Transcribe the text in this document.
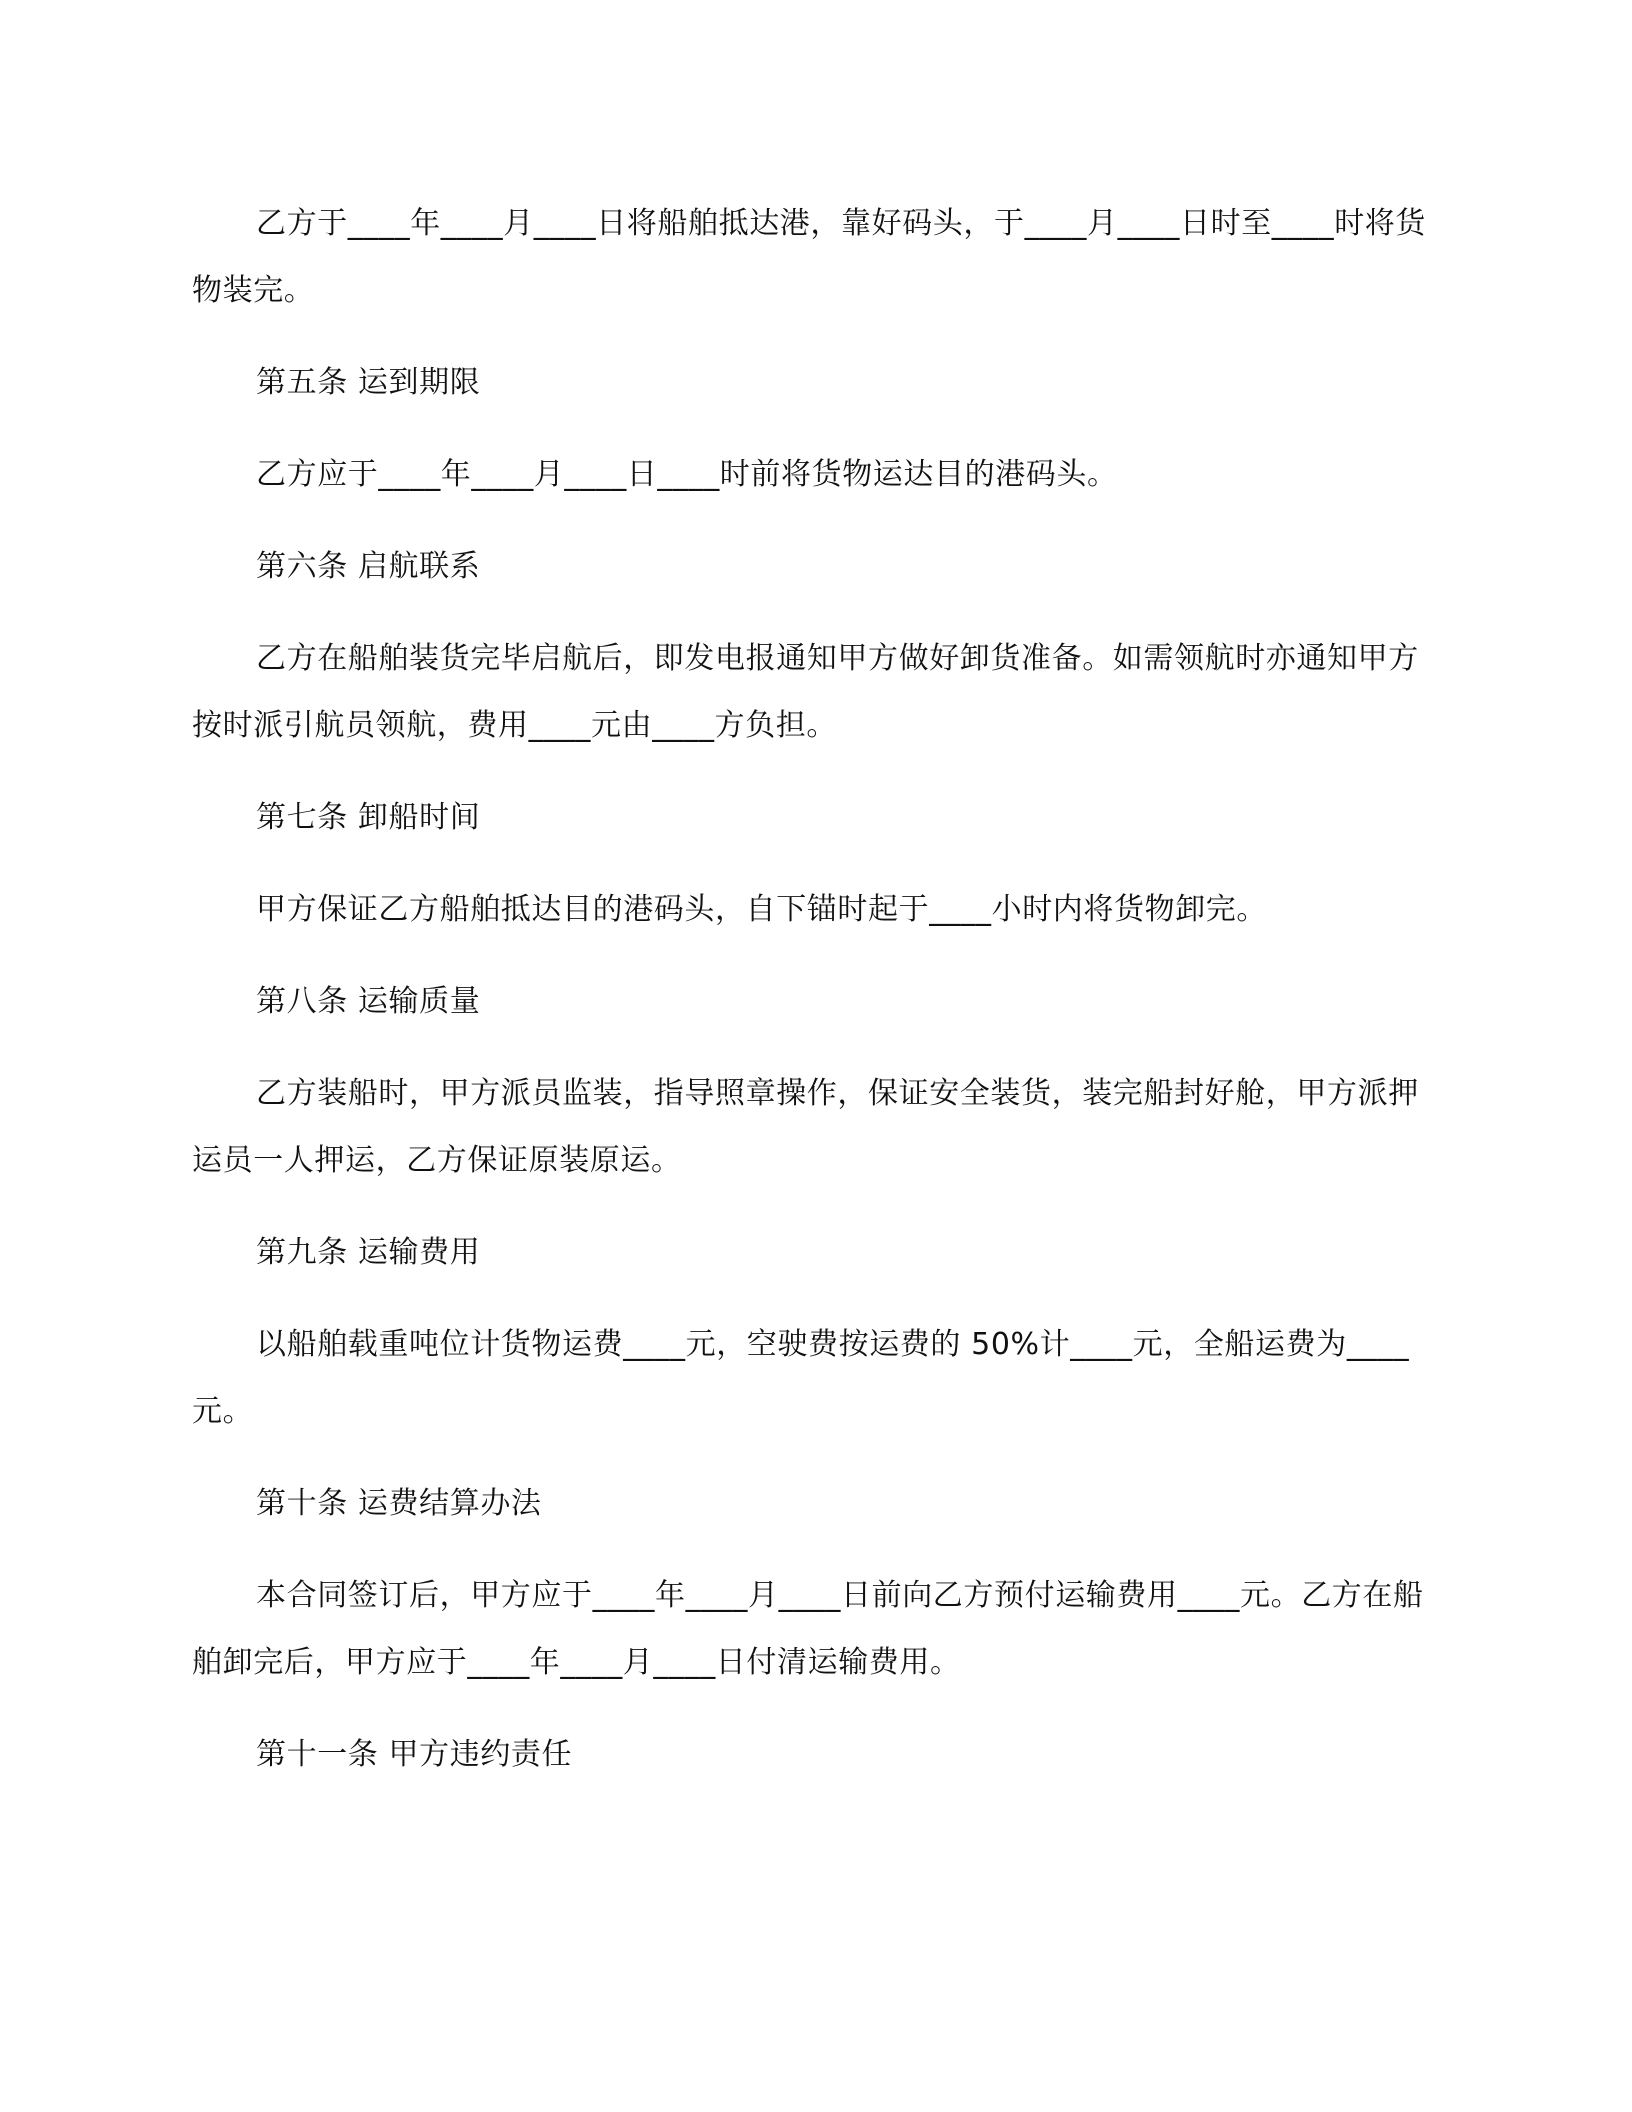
乙方于____年____月____日将船舶抵达港，靠好码头，于____月____日时至____时将货物装完。

第五条 运到期限

乙方应于____年____月____日____时前将货物运达目的港码头。

第六条 启航联系

乙方在船舶装货完毕启航后，即发电报通知甲方做好卸货准备。如需领航时亦通知甲方按时派引航员领航，费用____元由____方负担。

第七条 卸船时间

甲方保证乙方船舶抵达目的港码头，自下锚时起于____小时内将货物卸完。

第八条 运输质量

乙方装船时，甲方派员监装，指导照章操作，保证安全装货，装完船封好舱，甲方派押运员一人押运，乙方保证原装原运。

第九条 运输费用

以船舶载重吨位计货物运费____元，空驶费按运费的 50%计____元，全船运费为____元。

第十条 运费结算办法

本合同签订后，甲方应于____年____月____日前向乙方预付运输费用____元。乙方在船舶卸完后，甲方应于____年____月____日付清运输费用。

第十一条 甲方违约责任
